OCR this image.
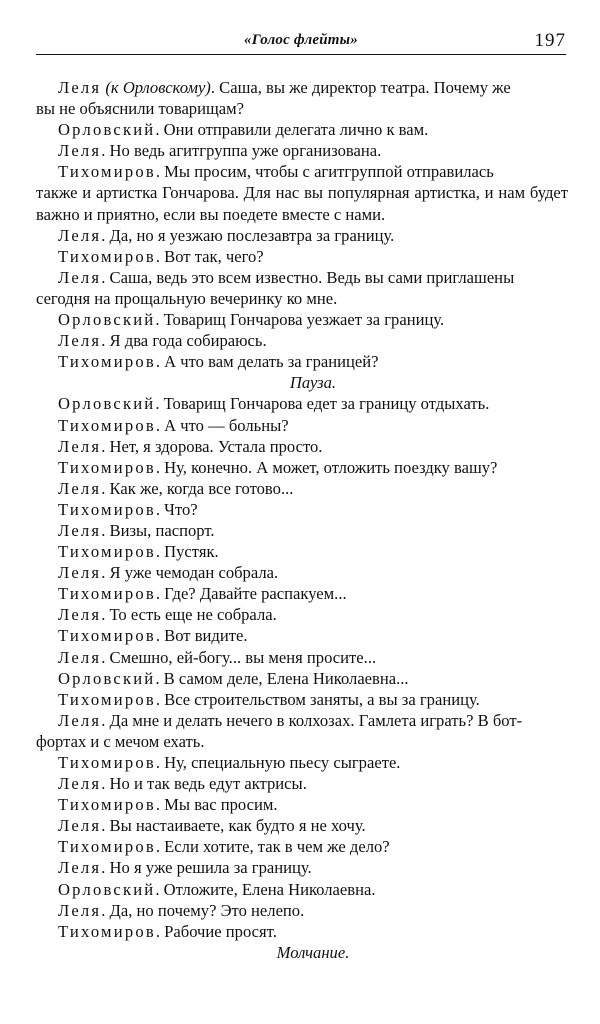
«Голос флейты»	197

Леля (к Орловскому). Саша, вы же директор театра. Почему же
вы не объяснили товарищам?

Орловский. Они отправили делегата лично к вам.

Леля. Но ведь агитгруппа уже организована.

Тихомиров. Мы просим, чтобы с агитгруппой отправилась
также и артистка Гончарова. Для нас вы популярная артистка, и нам будет важно и приятно, если вы поедете вместе с нами.

Леля. Да, но я уезжаю послезавтра за границу.

Тихомиров. Вот так, чего?

Леля. Саша, ведь это всем известно. Ведь вы сами приглашены
сегодня на прощальную вечеринку ко мне.

Орловский. Товарищ Гончарова уезжает за границу.

Леля. Я два года собираюсь.

Тихомиров. А что вам делать за границей?

Пауза.

Орловский. Товарищ Гончарова едет за границу отдыхать.

Тихомиров. А что — больны?

Леля. Нет, я здорова. Устала просто.

Тихомиров. Ну, конечно. А может, отложить поездку вашу?

Леля. Как же, когда все готово...

Тихомиров. Что?

Леля. Визы, паспорт.

Тихомиров. Пустяк.

Леля. Я уже чемодан собрала.

Тихомиров. Где? Давайте распакуем...

Леля. То есть еще не собрала.

Тихомиров. Вот видите.

Леля. Смешно, ей-богу... вы меня просите...

Орловский. В самом деле, Елена Николаевна...

Тихомиров. Все строительством заняты, а вы за границу.

Леля. Да мне и делать нечего в колхозах. Гамлета играть? В бот-
фортах и с мечом ехать.

Тихомиров. Ну, специальную пьесу сыграете.

Леля. Но и так ведь едут актрисы.

Тихомиров. Мы вас просим.

Леля. Вы настаиваете, как будто я не хочу.

Тихомиров. Если хотите, так в чем же дело?

Леля. Но я уже решила за границу.

Орловский. Отложите, Елена Николаевна.

Леля. Да, но почему? Это нелепо.

Тихомиров. Рабочие просят.

Молчание.
